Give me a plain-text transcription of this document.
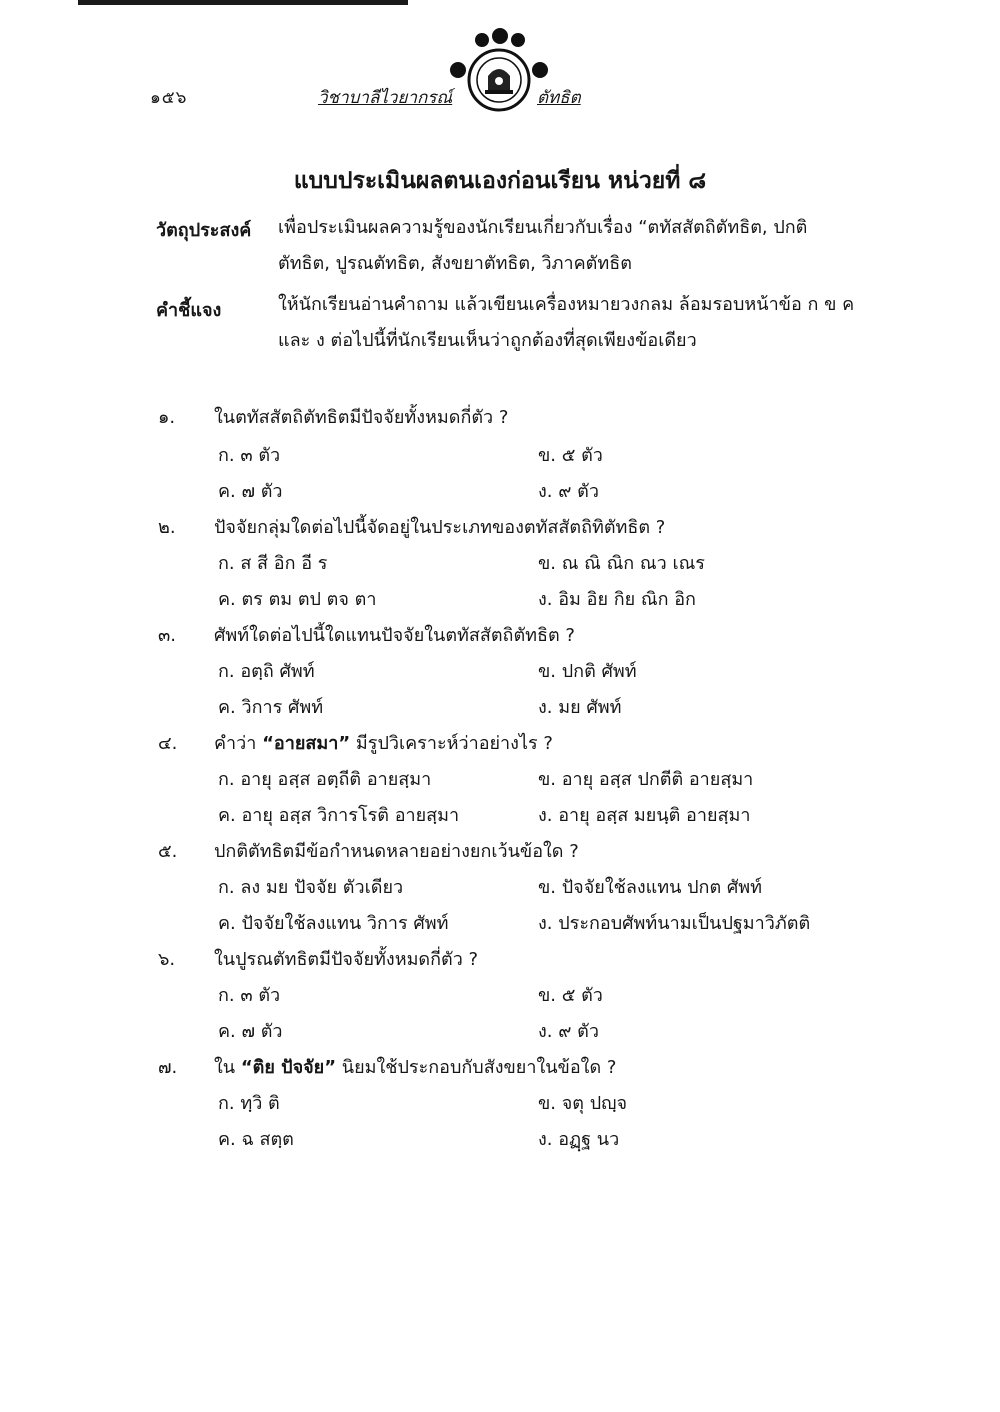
๑๕๖	วิชาบาลีไวยากรณ์	ตัทธิต
แบบประเมินผลตนเองก่อนเรียน หน่วยที่ ๘
วัตถุประสงค์ เพื่อประเมินผลความรู้ของนักเรียนเกี่ยวกับเรื่อง “ตทัสสัตถิตัทธิต, ปกติตัทธิต, ปูรณตัทธิต, สังขยาตัทธิต, วิภาคตัทธิต
คำชี้แจง	ให้นักเรียนอ่านคำถาม แล้วเขียนเครื่องหมายวงกลม ล้อมรอบหน้าข้อ ก ข ค และ ง ต่อไปนี้ที่นักเรียนเห็นว่าถูกต้องที่สุดเพียงข้อเดียว
๑.	ในตทัสสัตถิตัทธิตมีปัจจัยทั้งหมดกี่ตัว ?
ก. ๓ ตัว	ข. ๕ ตัว
ค. ๗ ตัว	ง. ๙ ตัว
๒.	ปัจจัยกลุ่มใดต่อไปนี้จัดอยู่ในประเภทของตทัสสัตถิทิตัทธิต ?
ก. ส สี อิก อี ร	ข. ณ ณิ ณิก ณว เณร
ค. ตร ตม ตป ตจ ตา	ง. อิม อิย กิย ณิก อิก
๓.	ศัพท์ใดต่อไปนี้ใดแทนปัจจัยในตทัสสัตถิตัทธิต ?
ก. อตฺถิ ศัพท์	ข. ปกติ ศัพท์
ค. วิการ ศัพท์	ง. มย ศัพท์
๔.	คำว่า “อายสมา” มีรูปวิเคราะห์ว่าอย่างไร ?
ก. อายุ อสฺส อตฺถีติ อายสฺมา	ข. อายุ อสฺส ปกตีติ อายสฺมา
ค. อายุ อสฺส วิการโรติ อายสฺมา	ง. อายุ อสฺส มยนฺติ อายสฺมา
๕.	ปกติตัทธิตมีข้อกำหนดหลายอย่างยกเว้นข้อใด ?
ก. ลง มย ปัจจัย ตัวเดียว	ข. ปัจจัยใช้ลงแทน ปกต ศัพท์
ค. ปัจจัยใช้ลงแทน วิการ ศัพท์	ง. ประกอบศัพท์นามเป็นปฐมาวิภัตติ
๖.	ในปูรณตัทธิตมีปัจจัยทั้งหมดกี่ตัว ?
ก. ๓ ตัว	ข. ๕ ตัว
ค. ๗ ตัว	ง. ๙ ตัว
๗.	ใน “ติย ปัจจัย” นิยมใช้ประกอบกับสังขยาในข้อใด ?
ก. ทฺวิ ติ	ข. จตุ ปญฺจ
ค. ฉ สตฺต	ง. อฏฺฐ นว
